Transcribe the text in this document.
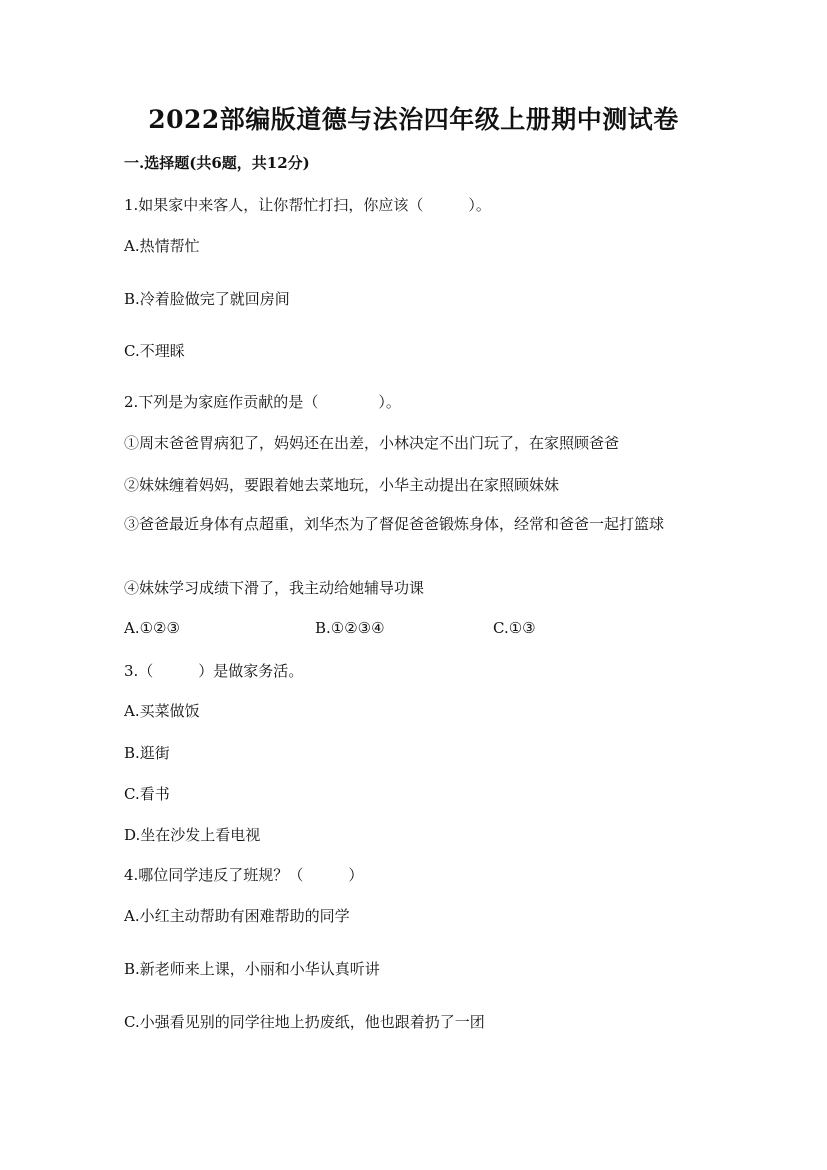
2022部编版道德与法治四年级上册期中测试卷
一.选择题(共6题，共12分)
1.如果家中来客人，让你帮忙打扫，你应该（　　　）。
A.热情帮忙
B.冷着脸做完了就回房间
C.不理睬
2.下列是为家庭作贡献的是（　　　　）。
①周末爸爸胃病犯了，妈妈还在出差，小林决定不出门玩了，在家照顾爸爸
②妹妹缠着妈妈，要跟着她去菜地玩，小华主动提出在家照顾妹妹
③爸爸最近身体有点超重，刘华杰为了督促爸爸锻炼身体，经常和爸爸一起打篮球
④妹妹学习成绩下滑了，我主动给她辅导功课
A.①②③	B.①②③④	C.①③
3.（　　　）是做家务活。
A.买菜做饭
B.逛街
C.看书
D.坐在沙发上看电视
4.哪位同学违反了班规？（　　　）
A.小红主动帮助有困难帮助的同学
B.新老师来上课，小丽和小华认真听讲
C.小强看见别的同学往地上扔废纸，他也跟着扔了一团
